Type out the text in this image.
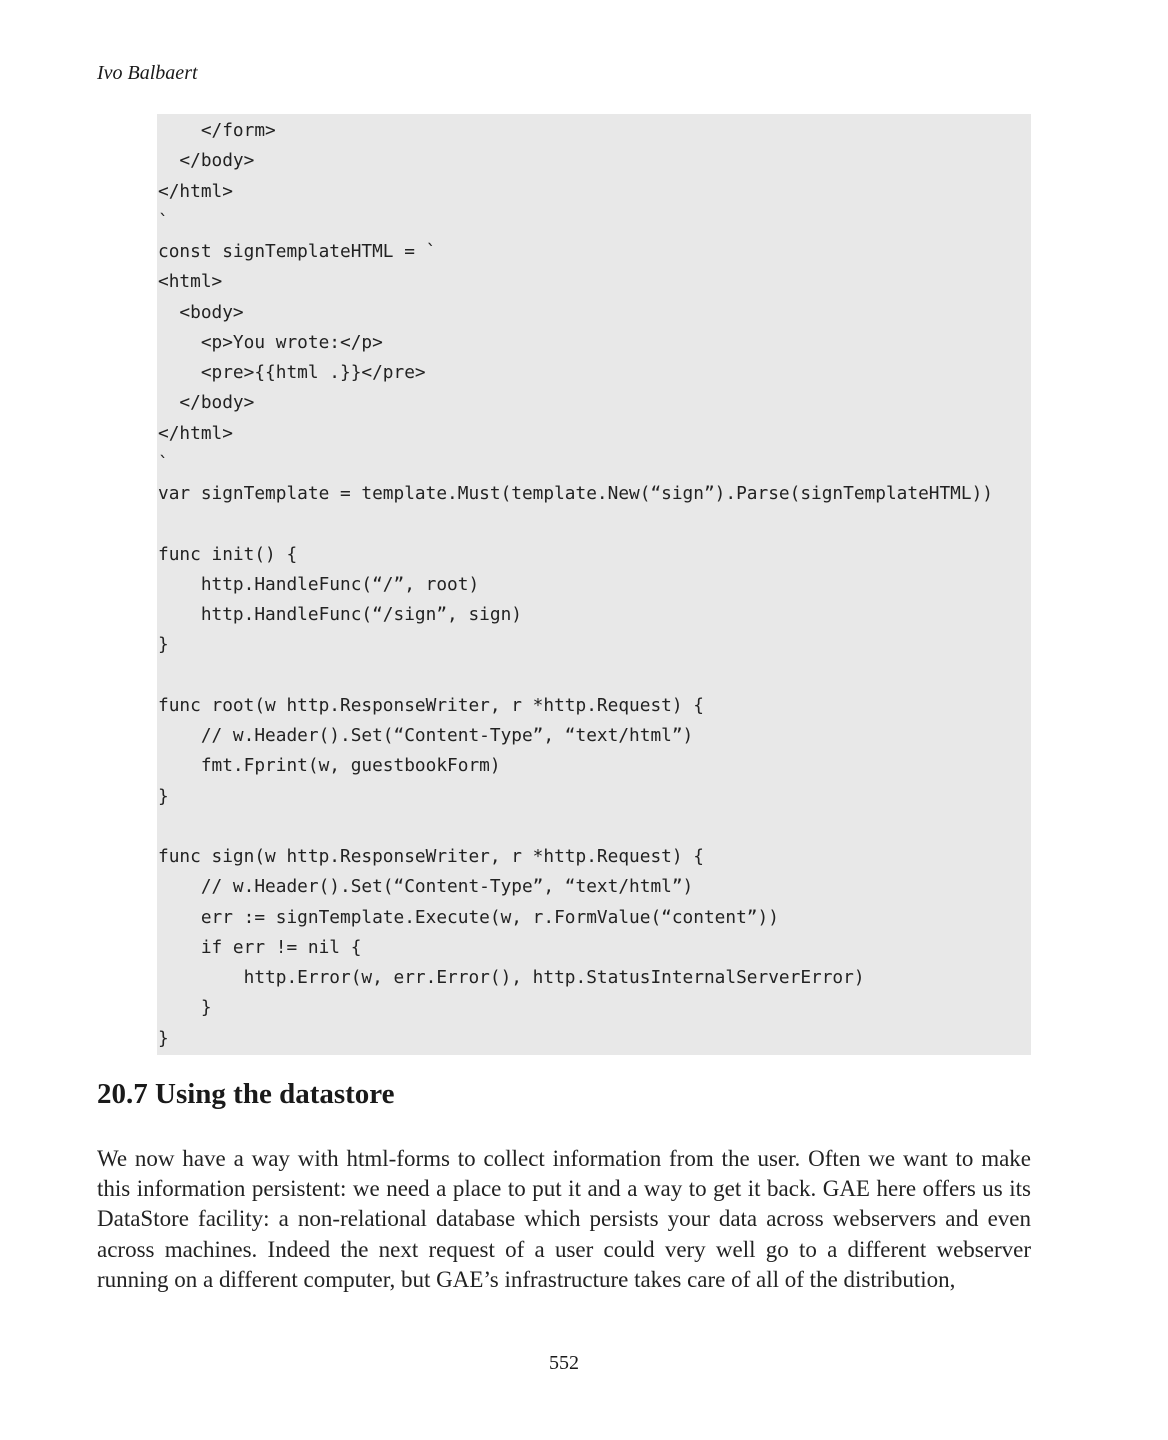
Ivo Balbaert
</form>
</body>
</html>
`
const signTemplateHTML = `
<html>
<body>
<p>You wrote:</p>
<pre>{{html .}}</pre>
</body>
</html>
`
var signTemplate = template.Must(template.New(“sign”).Parse(signTemplateHTML))
func init() {
http.HandleFunc(“/”, root)
http.HandleFunc(“/sign”, sign)
}
func root(w http.ResponseWriter, r *http.Request) {
// w.Header().Set(“Content-Type”, “text/html”)
fmt.Fprint(w, guestbookForm)
}
func sign(w http.ResponseWriter, r *http.Request) {
// w.Header().Set(“Content-Type”, “text/html”)
err := signTemplate.Execute(w, r.FormValue(“content”))
if err != nil {
http.Error(w, err.Error(), http.StatusInternalServerError)
}
}
20.7 Using the datastore

We now have a way with html-forms to collect information from the user. Often we want to make this information persistent: we need a place to put it and a way to get it back. GAE here offers us its DataStore facility: a non-relational database which persists your data across webservers and even across machines. Indeed the next request of a user could very well go to a different webserver running on a different computer, but GAE’s infrastructure takes care of all of the distribution,

552
